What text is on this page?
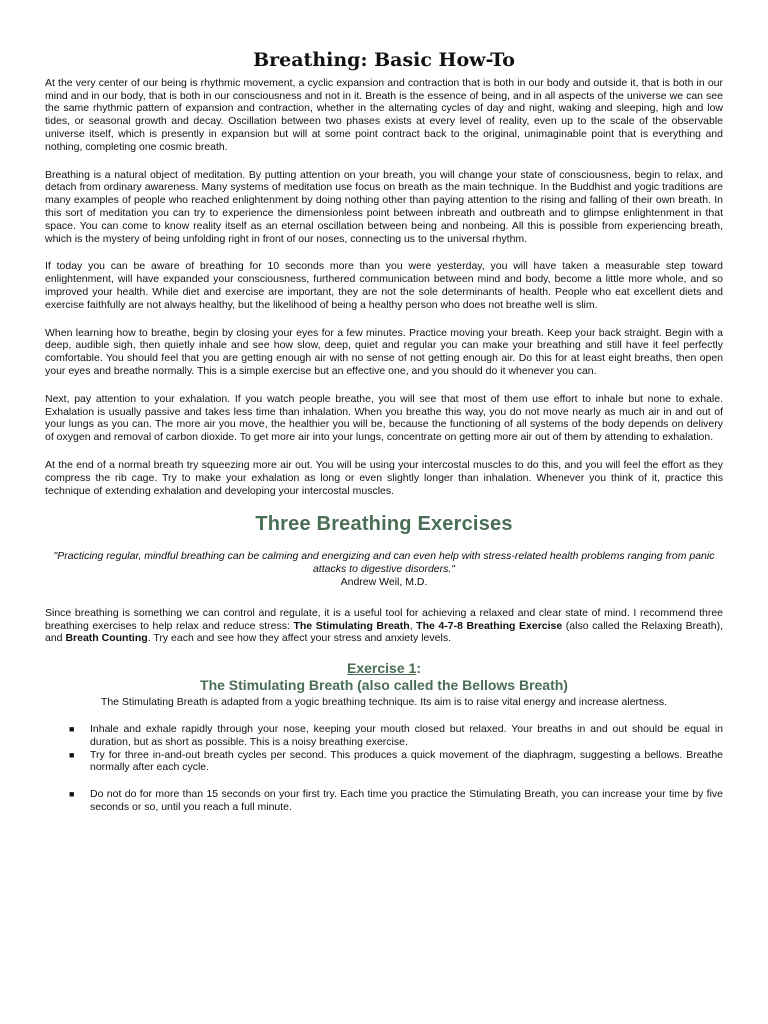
Breathing: Basic How-To

At the very center of our being is rhythmic movement, a cyclic expansion and contraction that is both in our body and outside it, that is both in our mind and in our body, that is both in our consciousness and not in it. Breath is the essence of being, and in all aspects of the universe we can see the same rhythmic pattern of expansion and contraction, whether in the alternating cycles of day and night, waking and sleeping, high and low tides, or seasonal growth and decay. Oscillation between two phases exists at every level of reality, even up to the scale of the observable universe itself, which is presently in expansion but will at some point contract back to the original, unimaginable point that is everything and nothing, completing one cosmic breath.

Breathing is a natural object of meditation. By putting attention on your breath, you will change your state of consciousness, begin to relax, and detach from ordinary awareness. Many systems of meditation use focus on breath as the main technique. In the Buddhist and yogic traditions are many examples of people who reached enlightenment by doing nothing other than paying attention to the rising and falling of their own breath. In this sort of meditation you can try to experience the dimensionless point between inbreath and outbreath and to glimpse enlightenment in that space. You can come to know reality itself as an eternal oscillation between being and nonbeing. All this is possible from experiencing breath, which is the mystery of being unfolding right in front of our noses, connecting us to the universal rhythm.

If today you can be aware of breathing for 10 seconds more than you were yesterday, you will have taken a measurable step toward enlightenment, will have expanded your consciousness, furthered communication between mind and body, become a little more whole, and so improved your health. While diet and exercise are important, they are not the sole determinants of health. People who eat excellent diets and exercise faithfully are not always healthy, but the likelihood of being a healthy person who does not breathe well is slim.

When learning how to breathe, begin by closing your eyes for a few minutes. Practice moving your breath. Keep your back straight. Begin with a deep, audible sigh, then quietly inhale and see how slow, deep, quiet and regular you can make your breathing and still have it feel perfectly comfortable. You should feel that you are getting enough air with no sense of not getting enough air. Do this for at least eight breaths, then open your eyes and breathe normally. This is a simple exercise but an effective one, and you should do it whenever you can.

Next, pay attention to your exhalation. If you watch people breathe, you will see that most of them use effort to inhale but none to exhale. Exhalation is usually passive and takes less time than inhalation. When you breathe this way, you do not move nearly as much air in and out of your lungs as you can. The more air you move, the healthier you will be, because the functioning of all systems of the body depends on delivery of oxygen and removal of carbon dioxide. To get more air into your lungs, concentrate on getting more air out of them by attending to exhalation.

At the end of a normal breath try squeezing more air out. You will be using your intercostal muscles to do this, and you will feel the effort as they compress the rib cage. Try to make your exhalation as long or even slightly longer than inhalation. Whenever you think of it, practice this technique of extending exhalation and developing your intercostal muscles.

Three Breathing Exercises
"Practicing regular, mindful breathing can be calming and energizing and can even help with stress-related health problems ranging from panic attacks to digestive disorders."
Andrew Weil, M.D.

Since breathing is something we can control and regulate, it is a useful tool for achieving a relaxed and clear state of mind. I recommend three breathing exercises to help relax and reduce stress: The Stimulating Breath, The 4-7-8 Breathing Exercise (also called the Relaxing Breath), and Breath Counting. Try each and see how they affect your stress and anxiety levels.

Exercise 1:
The Stimulating Breath (also called the Bellows Breath)
The Stimulating Breath is adapted from a yogic breathing technique. Its aim is to raise vital energy and increase alertness.
■ Inhale and exhale rapidly through your nose, keeping your mouth closed but relaxed. Your breaths in and out should be equal in duration, but as short as possible. This is a noisy breathing exercise.
■ Try for three in-and-out breath cycles per second. This produces a quick movement of the diaphragm, suggesting a bellows. Breathe normally after each cycle.
■ Do not do for more than 15 seconds on your first try. Each time you practice the Stimulating Breath, you can increase your time by five seconds or so, until you reach a full minute.
